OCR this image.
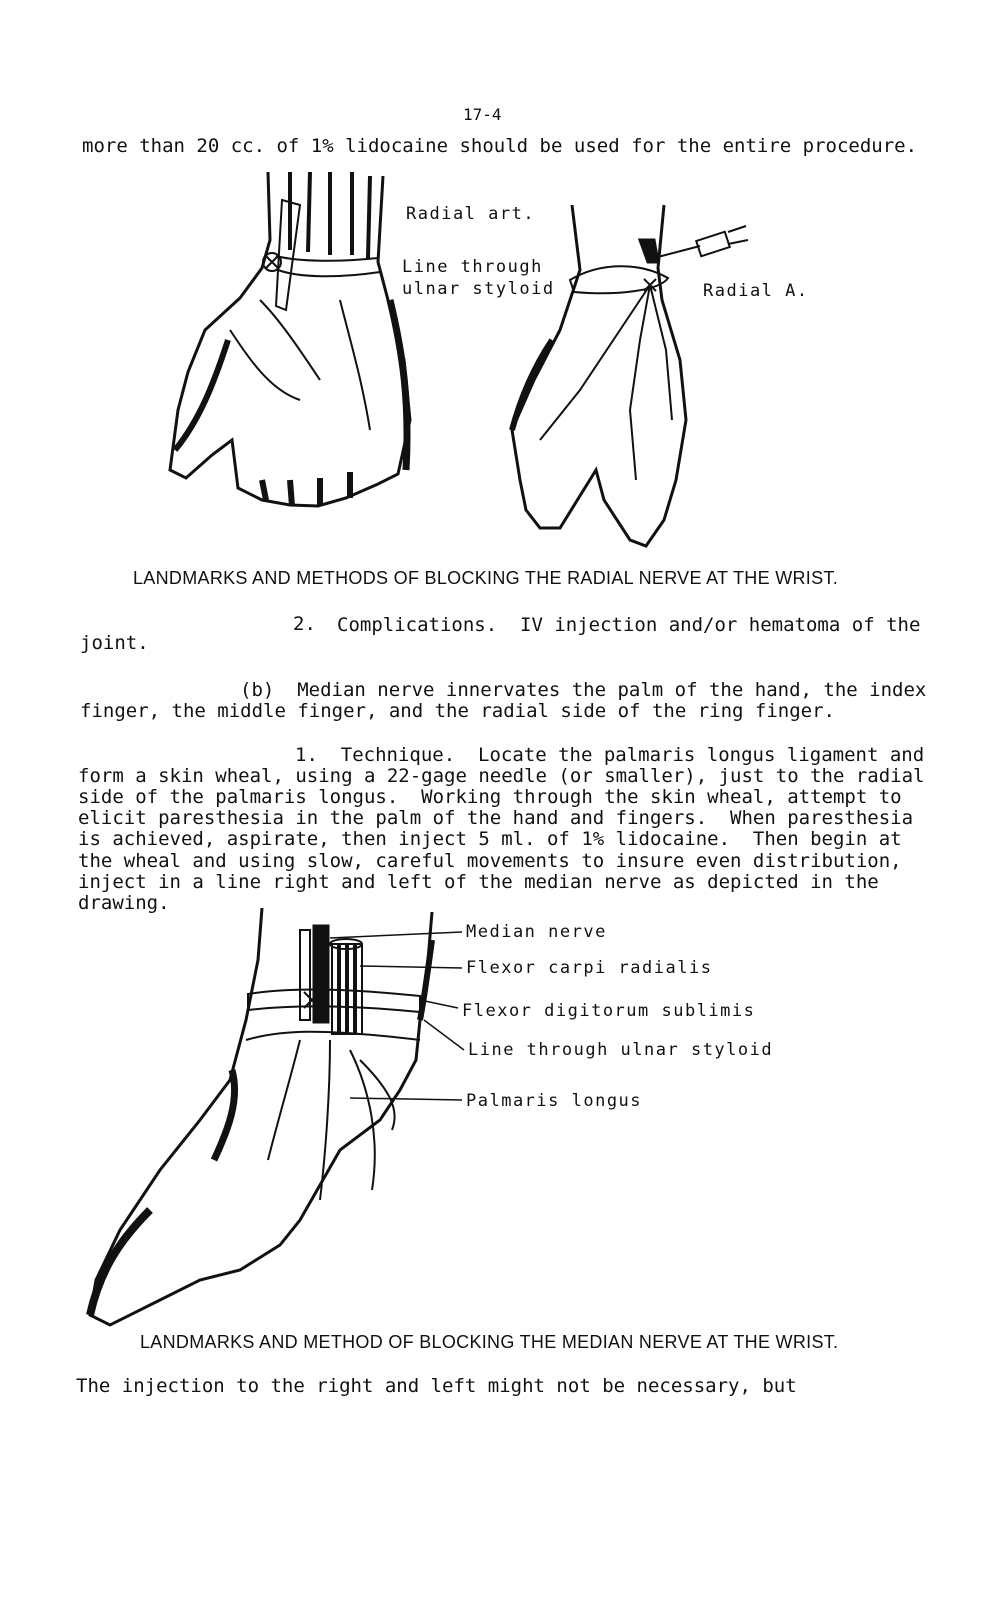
17-4
more than 20 cc. of 1% lidocaine should be used for the entire procedure.
Radial art.
Line through
ulnar styloid	Radial A.
LANDMARKS AND METHODS OF BLOCKING THE RADIAL NERVE AT THE WRIST.
2. Complications.  IV injection and/or hematoma of the
joint.
(b)  Median nerve innervates the palm of the hand, the index
finger, the middle finger, and the radial side of the ring finger.
1.  Technique.  Locate the palmaris longus ligament and
form a skin wheal, using a 22-gage needle (or smaller), just to the radial
side of the palmaris longus.  Working through the skin wheal, attempt to
elicit paresthesia in the palm of the hand and fingers.  When paresthesia
is achieved, aspirate, then inject 5 ml. of 1% lidocaine.  Then begin at
the wheal and using slow, careful movements to insure even distribution,
inject in a line right and left of the median nerve as depicted in the
drawing.
Median nerve
Flexor carpi radialis
Flexor digitorum sublimis
Line through ulnar styloid
Palmaris longus
LANDMARKS AND METHOD OF BLOCKING THE MEDIAN NERVE AT THE WRIST.
The injection to the right and left might not be necessary, but
